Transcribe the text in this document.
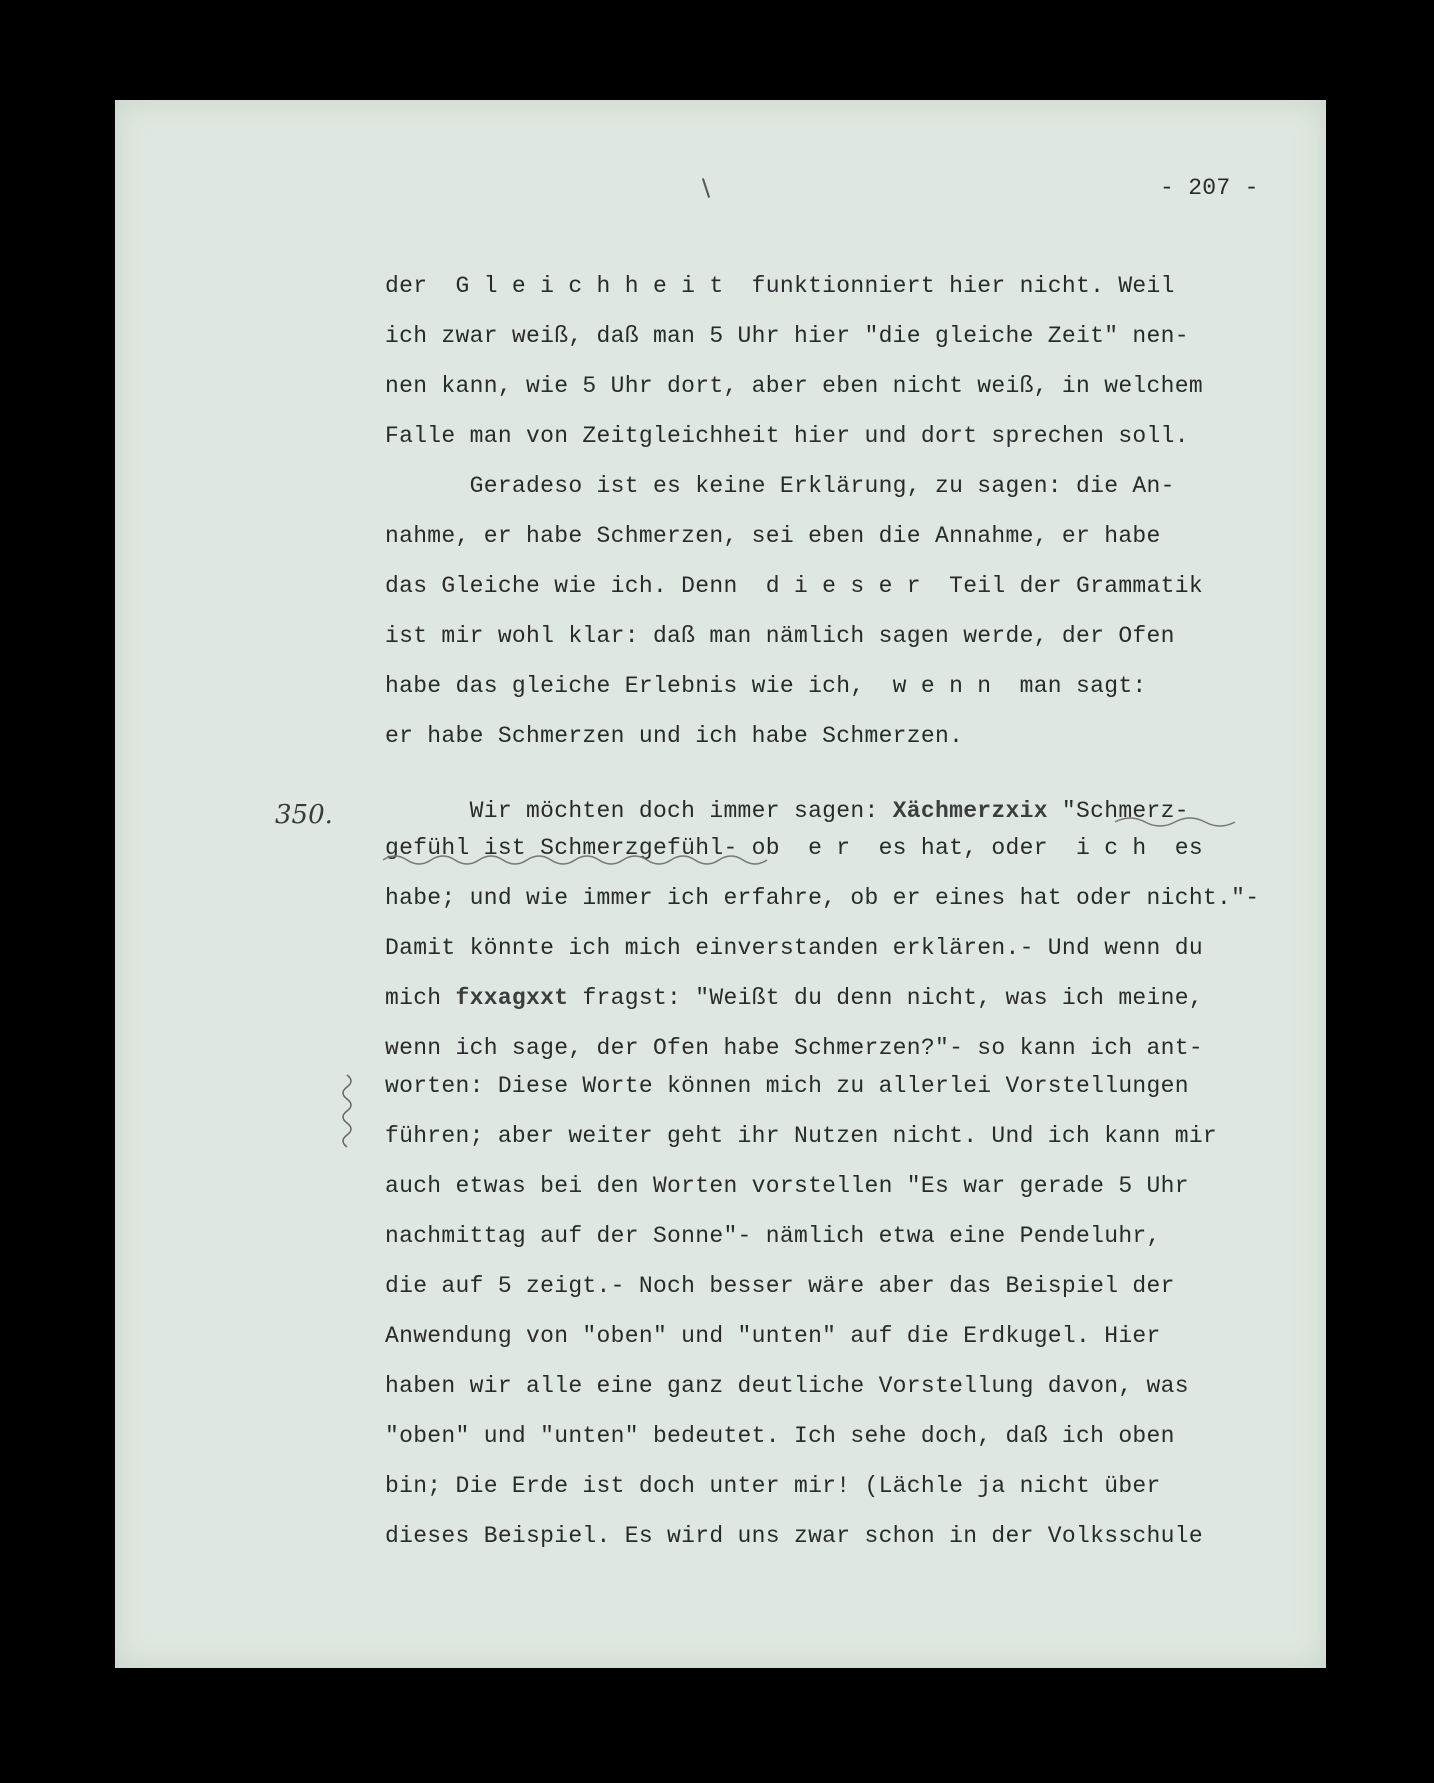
- 207 -
350.
der  G l e i c h h e i t  funktionniert hier nicht. Weil
ich zwar weiß, daß man 5 Uhr hier "die gleiche Zeit" nen-
nen kann, wie 5 Uhr dort, aber eben nicht weiß, in welchem
Falle man von Zeitgleichheit hier und dort sprechen soll.
Geradeso ist es keine Erklärung, zu sagen: die An-
nahme, er habe Schmerzen, sei eben die Annahme, er habe
das Gleiche wie ich. Denn  d i e s e r  Teil der Grammatik
ist mir wohl klar: daß man nämlich sagen werde, der Ofen
habe das gleiche Erlebnis wie ich,  w e n n  man sagt:
er habe Schmerzen und ich habe Schmerzen.
Wir möchten doch immer sagen: Xächmerzxix "Schmerz-
gefühl ist Schmerzgefühl- ob  e r  es hat, oder  i c h  es
habe; und wie immer ich erfahre, ob er eines hat oder nicht."-
Damit könnte ich mich einverstanden erklären.- Und wenn du
mich fxxagxxt fragst: "Weißt du denn nicht, was ich meine,
wenn ich sage, der Ofen habe Schmerzen?"- so kann ich ant-
worten: Diese Worte können mich zu allerlei Vorstellungen
führen; aber weiter geht ihr Nutzen nicht. Und ich kann mir
auch etwas bei den Worten vorstellen "Es war gerade 5 Uhr
nachmittag auf der Sonne"- nämlich etwa eine Pendeluhr,
die auf 5 zeigt.- Noch besser wäre aber das Beispiel der
Anwendung von "oben" und "unten" auf die Erdkugel. Hier
haben wir alle eine ganz deutliche Vorstellung davon, was
"oben" und "unten" bedeutet. Ich sehe doch, daß ich oben
bin; Die Erde ist doch unter mir! (Lächle ja nicht über
dieses Beispiel. Es wird uns zwar schon in der Volksschule
